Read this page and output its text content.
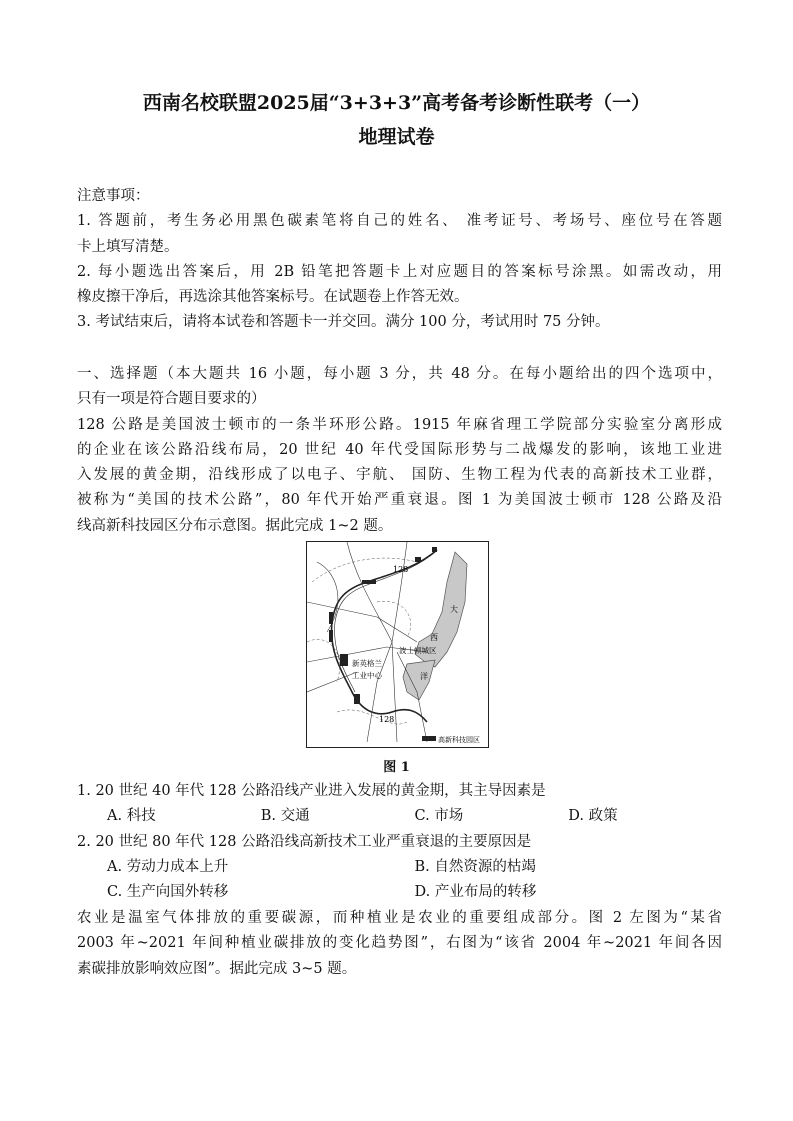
西南名校联盟2025届“3+3+3”高考备考诊断性联考（一）
地理试卷
注意事项：
1. 答题前，考生务必用黑色碳素笔将自己的姓名、 准考证号、考场号、座位号在答题
卡上填写清楚。
2. 每小题选出答案后，用 2B 铅笔把答题卡上对应题目的答案标号涂黑。如需改动，用
橡皮擦干净后，再选涂其他答案标号。在试题卷上作答无效。
3. 考试结束后，请将本试卷和答题卡一并交回。满分 100 分，考试用时 75 分钟。
一、选择题（本大题共 16 小题，每小题 3 分，共 48 分。在每小题给出的四个选项中，
只有一项是符合题目要求的）
128 公路是美国波士顿市的一条半环形公路。1915 年麻省理工学院部分实验室分离形成
的企业在该公路沿线布局，20 世纪 40 年代受国际形势与二战爆发的影响，该地工业进
入发展的黄金期，沿线形成了以电子、宇航、 国防、生物工程为代表的高新技术工业群，
被称为“美国的技术公路”，80 年代开始严重衰退。图 1 为美国波士顿市 128 公路及沿
线高新科技园区分布示意图。据此完成 1~2 题。
128
128
大
西
洋
波士顿城区
新英格兰
工业中心
高新科技园区
图 1
1. 20 世纪 40 年代 128 公路沿线产业进入发展的黄金期，其主导因素是
A. 科技	B. 交通	C. 市场	D. 政策
2. 20 世纪 80 年代 128 公路沿线高新技术工业严重衰退的主要原因是
A. 劳动力成本上升	B. 自然资源的枯竭
C. 生产向国外转移	D. 产业布局的转移
农业是温室气体排放的重要碳源，而种植业是农业的重要组成部分。图 2 左图为“某省
2003 年~2021 年间种植业碳排放的变化趋势图”，右图为“该省 2004 年~2021 年间各因
素碳排放影响效应图”。据此完成 3~5 题。
